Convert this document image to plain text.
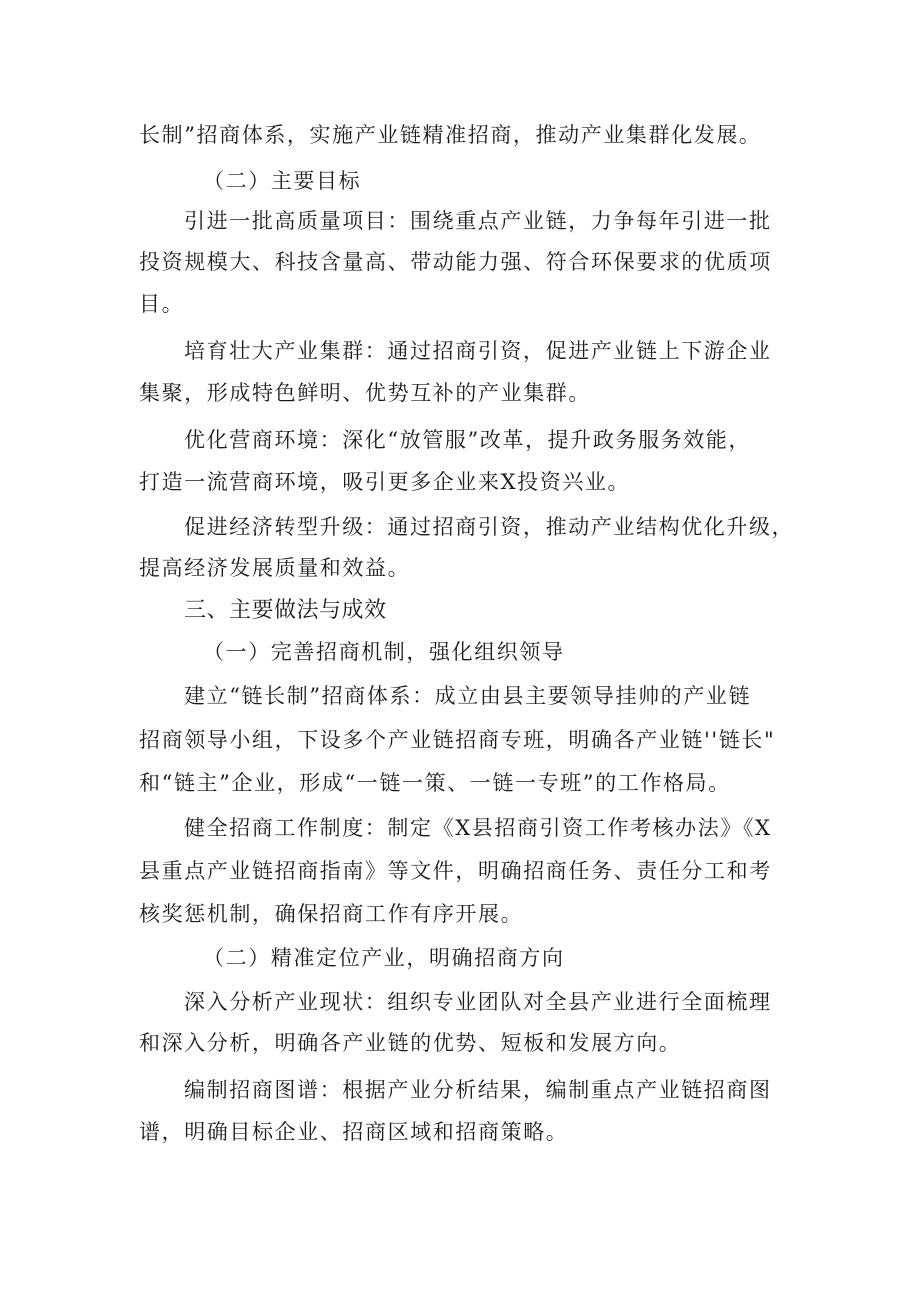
长制”招商体系，实施产业链精准招商，推动产业集群化发展。
（二）主要目标
引进一批高质量项目：围绕重点产业链，力争每年引进一批
投资规模大、科技含量高、带动能力强、符合环保要求的优质项
目。
培育壮大产业集群：通过招商引资，促进产业链上下游企业
集聚，形成特色鲜明、优势互补的产业集群。
优化营商环境：深化“放管服”改革，提升政务服务效能，
打造一流营商环境，吸引更多企业来X投资兴业。
促进经济转型升级：通过招商引资，推动产业结构优化升级，
提高经济发展质量和效益。
三、主要做法与成效
（一）完善招商机制，强化组织领导
建立“链长制”招商体系：成立由县主要领导挂帅的产业链
招商领导小组，下设多个产业链招商专班，明确各产业链''链长"
和“链主”企业，形成“一链一策、一链一专班”的工作格局。
健全招商工作制度：制定《X县招商引资工作考核办法》《X
县重点产业链招商指南》等文件，明确招商任务、责任分工和考
核奖惩机制，确保招商工作有序开展。
（二）精准定位产业，明确招商方向
深入分析产业现状：组织专业团队对全县产业进行全面梳理
和深入分析，明确各产业链的优势、短板和发展方向。
编制招商图谱：根据产业分析结果，编制重点产业链招商图
谱，明确目标企业、招商区域和招商策略。
